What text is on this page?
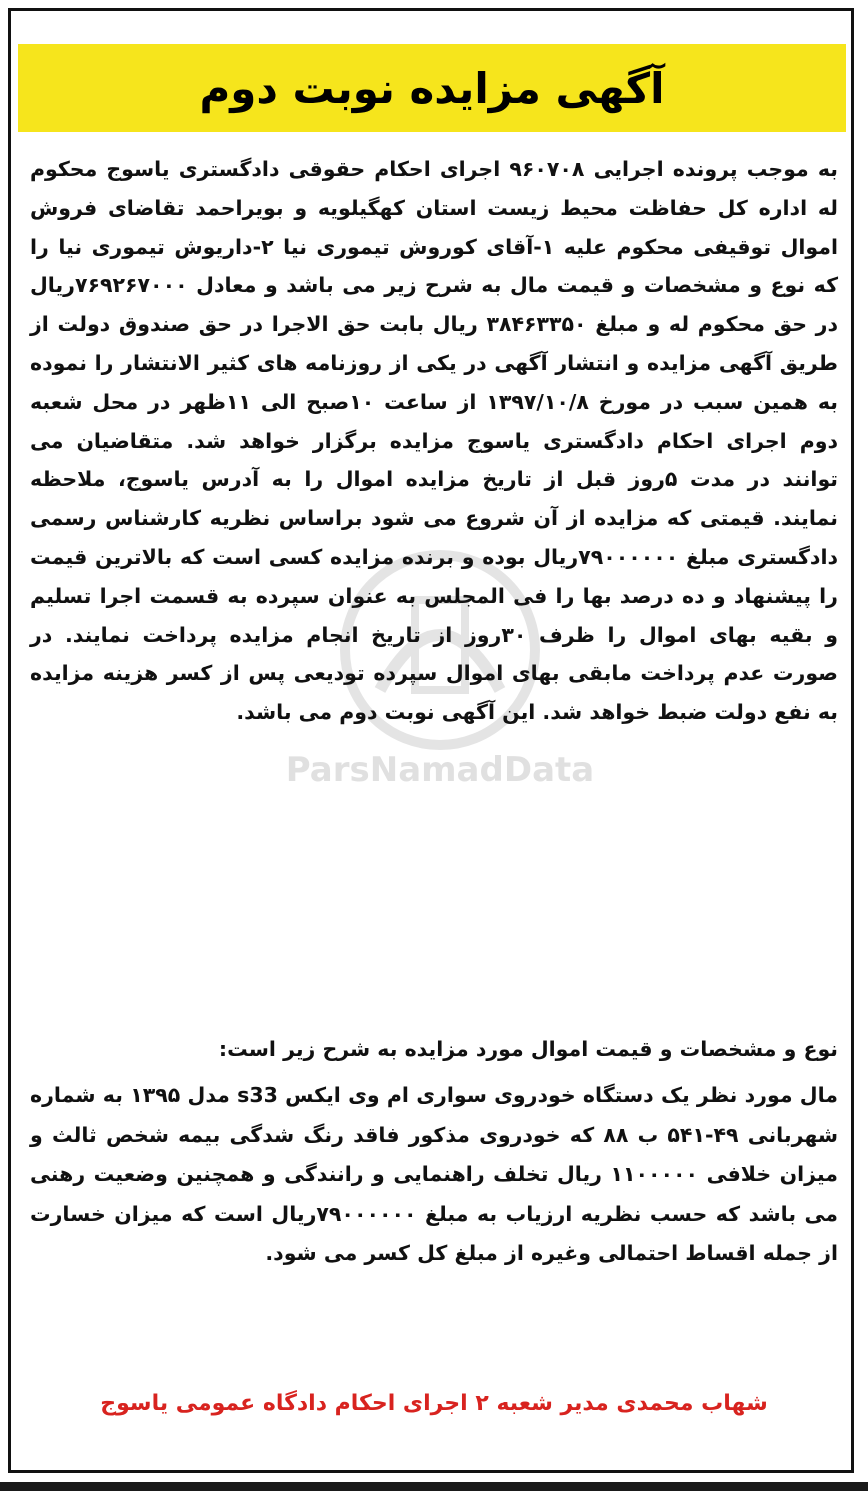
آگهی مزایده نوبت دوم
ParsNamadData

به موجب پرونده اجرایی ۹۶۰۷۰۸ اجرای احکام حقوقی دادگستری یاسوج محکوم له اداره کل حفاظت محیط زیست استان کهگیلویه و بویراحمد تقاضای فروش اموال توقیفی محکوم علیه ۱-آقای کوروش تیموری نیا ۲-داریوش تیموری نیا را که نوع و مشخصات و قیمت مال به شرح زیر می باشد و معادل ۷۶۹۲۶۷۰۰۰ریال در حق محکوم له و مبلغ ۳۸۴۶۳۳۵۰ ریال بابت حق الاجرا در حق صندوق دولت از طریق آگهی مزایده و انتشار آگهی در یکی از روزنامه های کثیر الانتشار را نموده به همین سبب در مورخ ۱۳۹۷/۱۰/۸ از ساعت ۱۰صبح الی ۱۱ظهر در محل شعبه دوم اجرای احکام دادگستری یاسوج مزایده برگزار خواهد شد. متقاضیان می توانند در مدت ۵روز قبل از تاریخ مزایده اموال را به آدرس یاسوج، ملاحظه نمایند. قیمتی که مزایده از آن شروع می شود براساس نظریه کارشناس رسمی دادگستری مبلغ ۷۹۰۰۰۰۰۰ریال بوده و برنده مزایده کسی است که بالاترین قیمت را پیشنهاد و ده درصد بها را فی المجلس به عنوان سپرده به قسمت اجرا تسلیم و بقیه بهای اموال را ظرف ۳۰روز از تاریخ انجام مزایده پرداخت نمایند. در صورت عدم پرداخت مابقی بهای اموال سپرده تودیعی پس از کسر هزینه مزایده به نفع دولت ضبط خواهد شد. این آگهی نوبت دوم می باشد.

نوع و مشخصات و قیمت اموال مورد مزایده به شرح زیر است:
مال مورد نظر یک دستگاه خودروی سواری ام وی ایکس s33 مدل ۱۳۹۵ به شماره شهربانی ۴۹-۵۴۱ ب ۸۸ که خودروی مذکور فاقد رنگ شدگی بیمه شخص ثالث و میزان خلافی ۱۱۰۰۰۰۰ ریال تخلف راهنمایی و رانندگی و همچنین وضعیت رهنی می باشد که حسب نظریه ارزیاب به مبلغ ۷۹۰۰۰۰۰۰ریال است که میزان خسارت از جمله اقساط احتمالی وغیره از مبلغ کل کسر می شود.
شهاب محمدی مدیر شعبه ۲ اجرای احکام دادگاه عمومی یاسوج
